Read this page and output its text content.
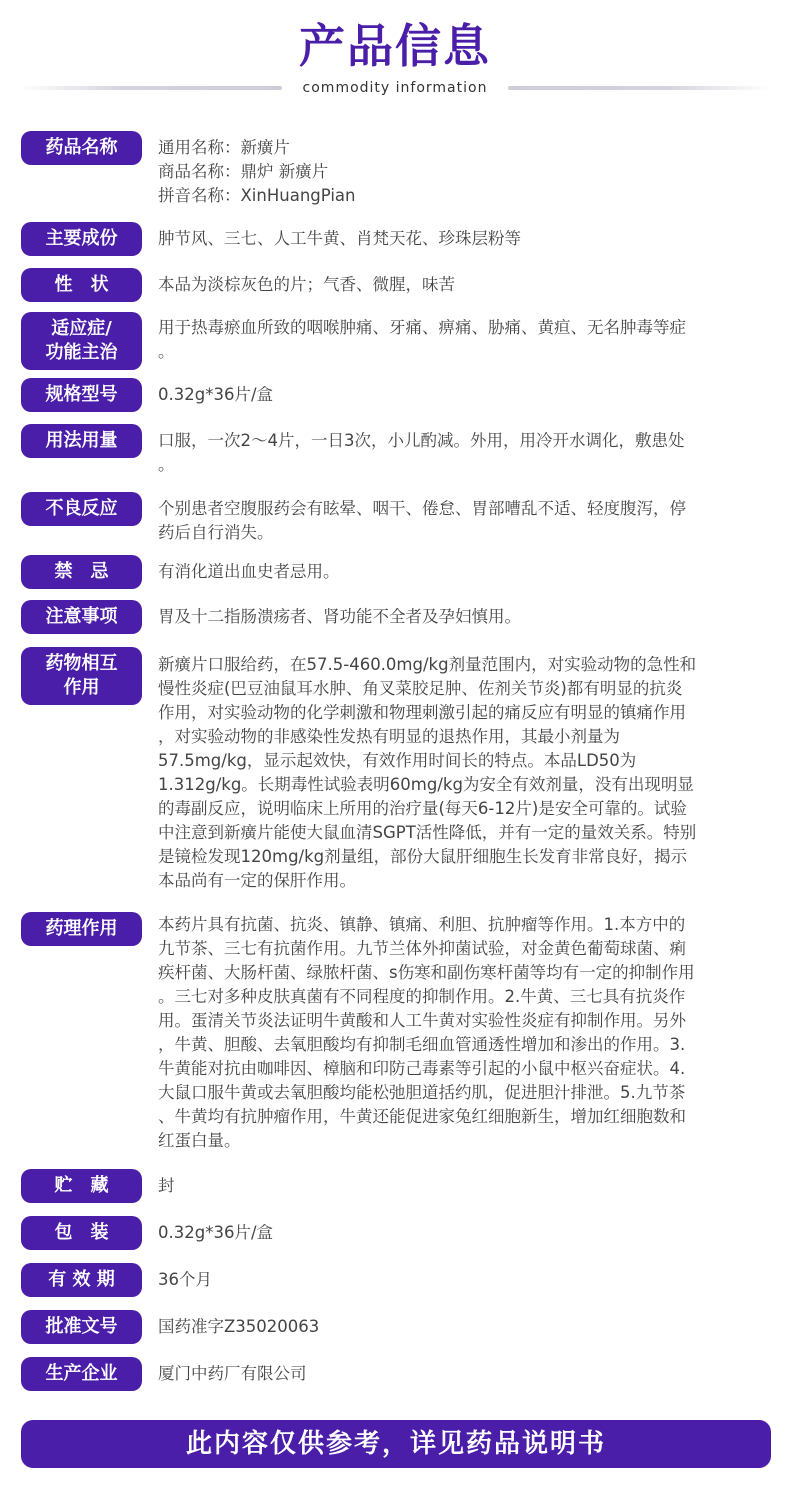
产品信息
commodity information
药品名称 通用名称：新癀片
商品名称：鼎炉 新癀片
拼音名称：XinHuangPian
主要成份 肿节风、三七、人工牛黄、肖梵天花、珍珠层粉等
性　状	本品为淡棕灰色的片；气香、微腥，味苦
适应症/
功能主治
用于热毒瘀血所致的咽喉肿痛、牙痛、痹痛、胁痛、黄疸、无名肿毒等症
。
规格型号 0.32g*36片/盒
用法用量 口服，一次2～4片，一日3次，小儿酌减。外用，用冷开水调化，敷患处
。
不良反应 个别患者空腹服药会有眩晕、咽干、倦怠、胃部嘈乱不适、轻度腹泻，停
药后自行消失。
禁　忌	有消化道出血史者忌用。
注意事项 胃及十二指肠溃疡者、肾功能不全者及孕妇慎用。
药物相互
作用
新癀片口服给药，在57.5-460.0mg/kg剂量范围内，对实验动物的急性和
慢性炎症(巴豆油鼠耳水肿、角叉菜胶足肿、佐剂关节炎)都有明显的抗炎
作用，对实验动物的化学刺激和物理刺激引起的痛反应有明显的镇痛作用
，对实验动物的非感染性发热有明显的退热作用，其最小剂量为
57.5mg/kg，显示起效快，有效作用时间长的特点。本品LD50为
1.312g/kg。长期毒性试验表明60mg/kg为安全有效剂量，没有出现明显
的毒副反应，说明临床上所用的治疗量(每天6-12片)是安全可靠的。试验
中注意到新癀片能使大鼠血清SGPT活性降低，并有一定的量效关系。特别
是镜检发现120mg/kg剂量组，部份大鼠肝细胞生长发育非常良好，揭示
本品尚有一定的保肝作用。
药理作用 本药片具有抗菌、抗炎、镇静、镇痛、利胆、抗肿瘤等作用。1.本方中的
九节茶、三七有抗菌作用。九节兰体外抑菌试验，对金黄色葡萄球菌、痢
疾杆菌、大肠杆菌、绿脓杆菌、s伤寒和副伤寒杆菌等均有一定的抑制作用
。三七对多种皮肤真菌有不同程度的抑制作用。2.牛黄、三七具有抗炎作
用。蛋清关节炎法证明牛黄酸和人工牛黄对实验性炎症有抑制作用。另外
，牛黄、胆酸、去氧胆酸均有抑制毛细血管通透性增加和渗出的作用。3.
牛黄能对抗由咖啡因、樟脑和印防己毒素等引起的小鼠中枢兴奋症状。4.
大鼠口服牛黄或去氧胆酸均能松弛胆道括约肌，促进胆汁排泄。5.九节茶
、牛黄均有抗肿瘤作用，牛黄还能促进家兔红细胞新生，增加红细胞数和
红蛋白量。
贮　藏	封
包　装	0.32g*36片/盒
有 效 期	36个月
批准文号 国药准字Z35020063
生产企业 厦门中药厂有限公司
此内容仅供参考，详见药品说明书
